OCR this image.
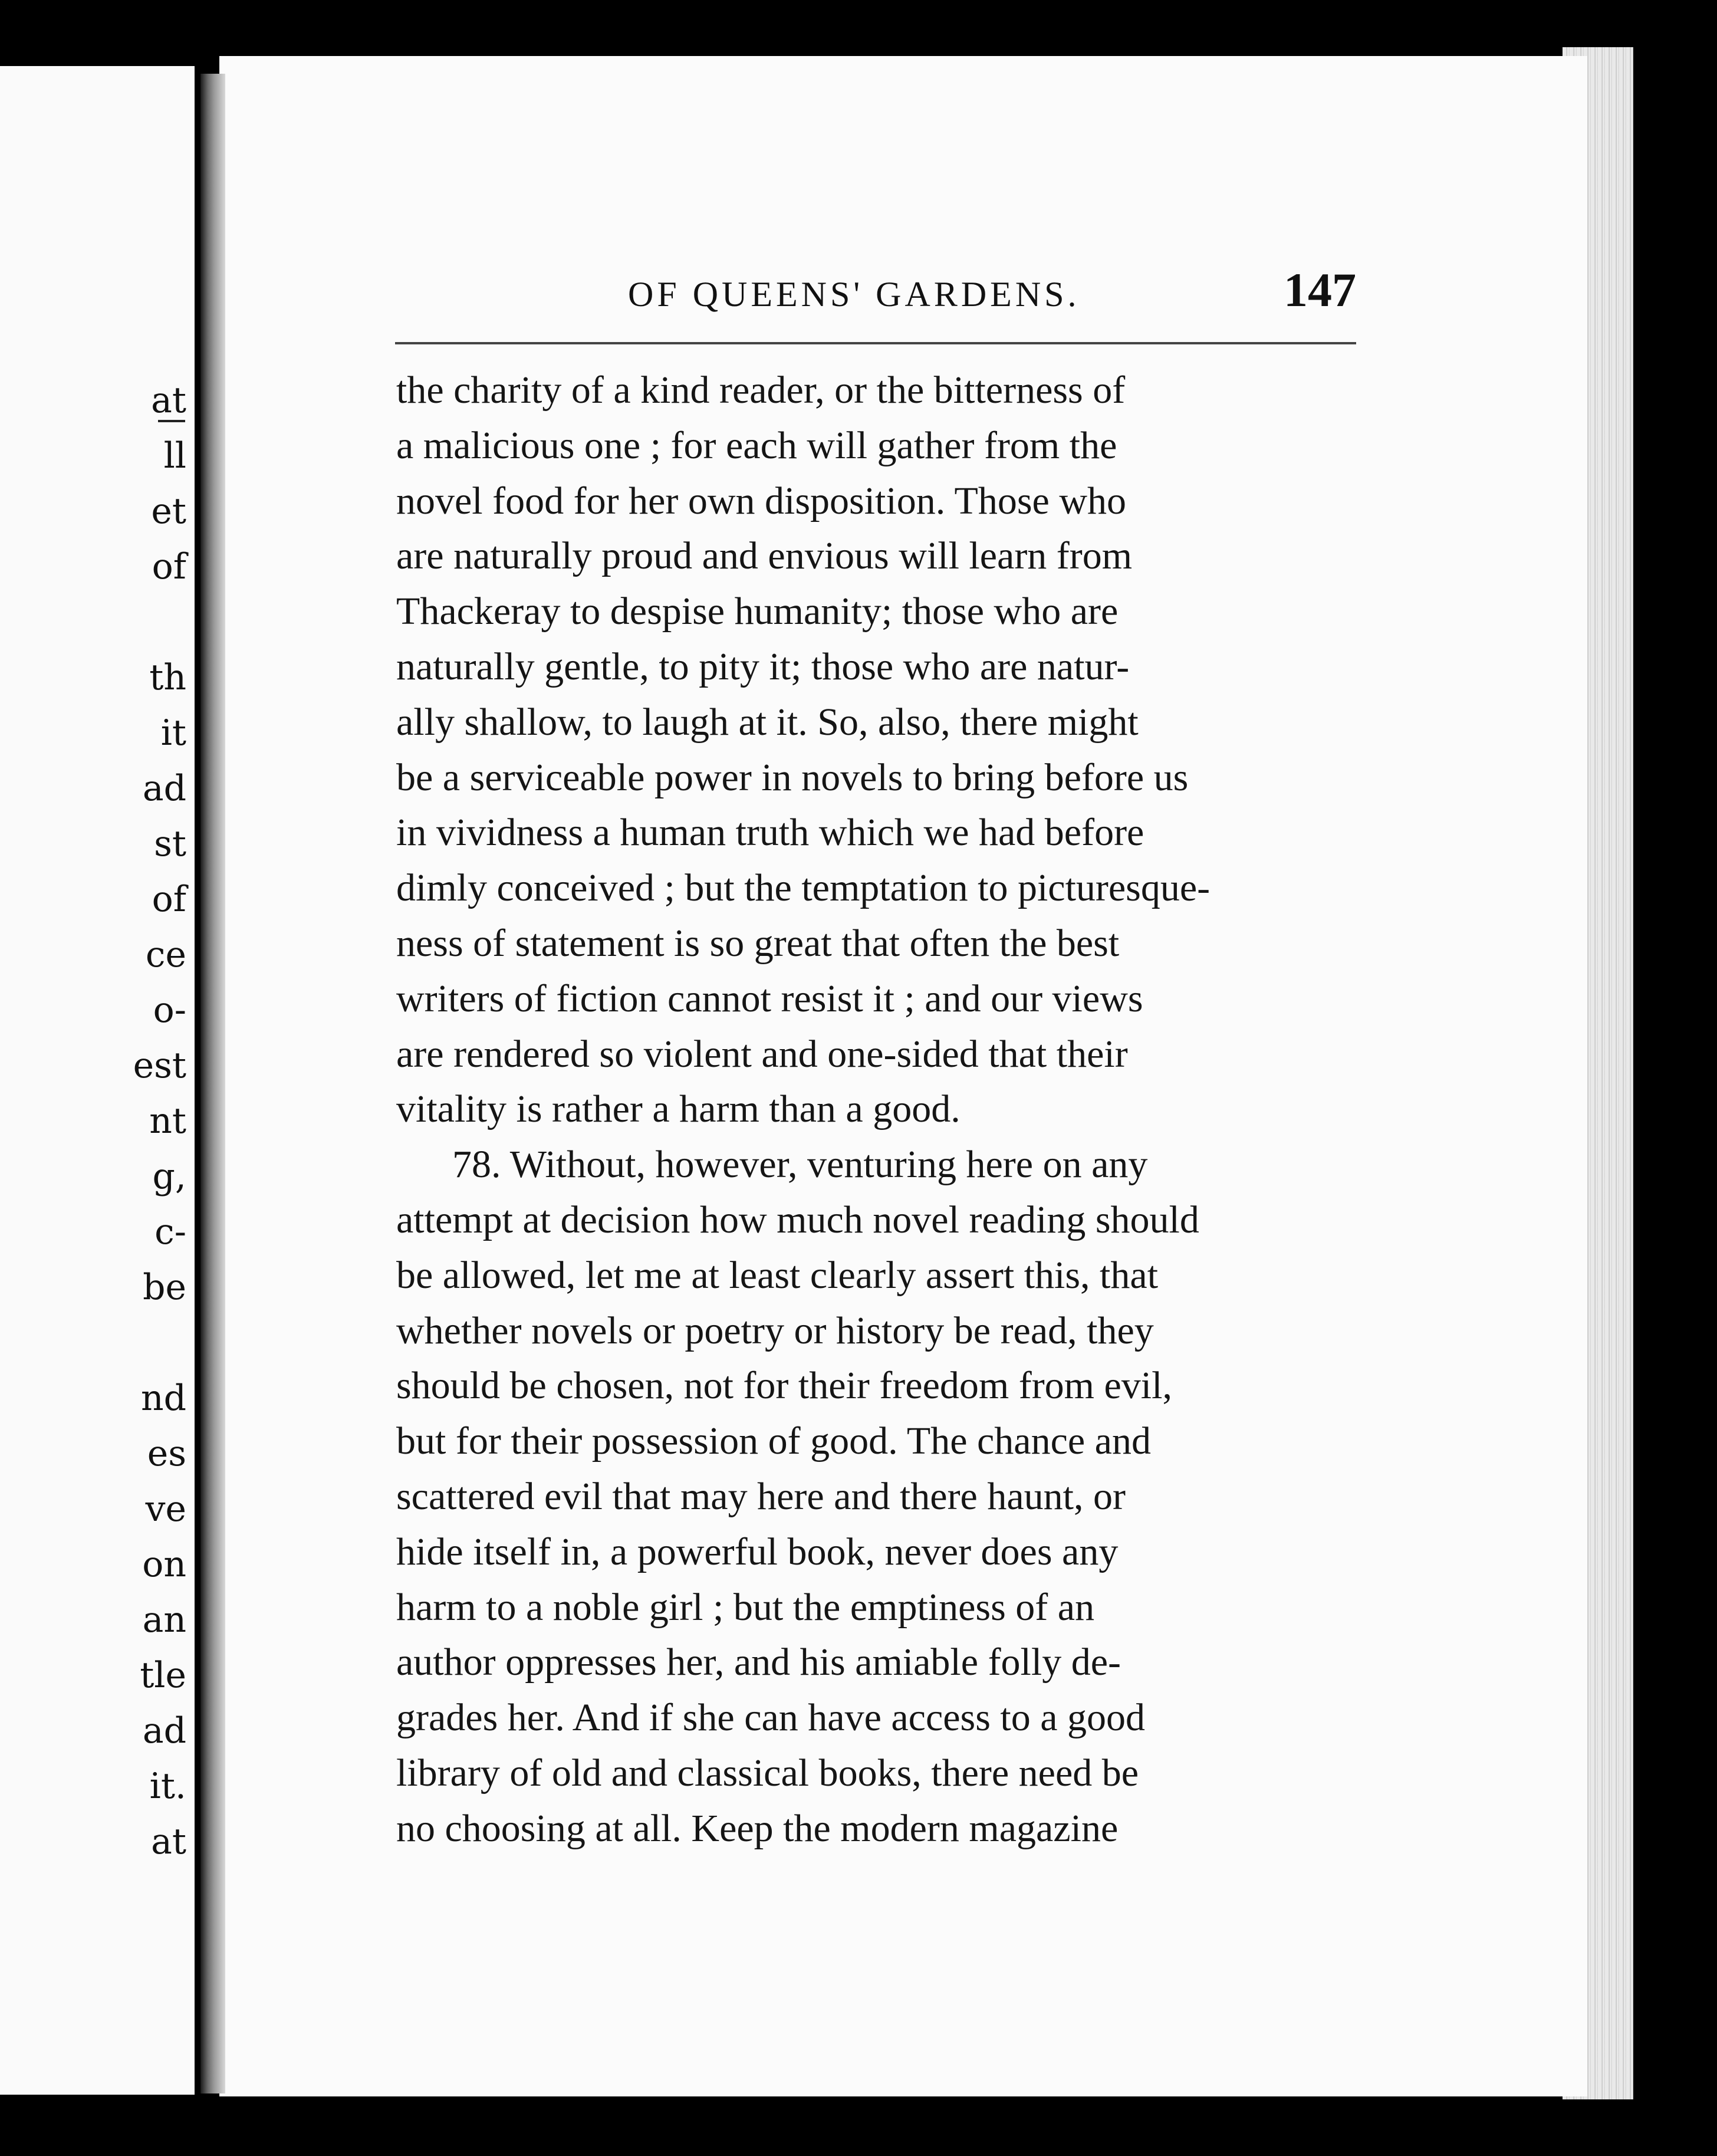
at
ll
et
of
th
it
ad
st
of
ce
o-
est
nt
g,
c-
be
nd
es
ve
on
an
tle
ad
it.
at
OF QUEENS' GARDENS.	147
the charity of a kind reader, or the bitterness of
a malicious one ; for each will gather from the
novel food for her own disposition. Those who
are naturally proud and envious will learn from
Thackeray to despise humanity; those who are
naturally gentle, to pity it; those who are natur-
ally shallow, to laugh at it. So, also, there might
be a serviceable power in novels to bring before us
in vividness a human truth which we had before
dimly conceived ; but the temptation to picturesque-
ness of statement is so great that often the best
writers of fiction cannot resist it ; and our views
are rendered so violent and one-sided that their
vitality is rather a harm than a good.
78. Without, however, venturing here on any
attempt at decision how much novel reading should
be allowed, let me at least clearly assert this, that
whether novels or poetry or history be read, they
should be chosen, not for their freedom from evil,
but for their possession of good. The chance and
scattered evil that may here and there haunt, or
hide itself in, a powerful book, never does any
harm to a noble girl ; but the emptiness of an
author oppresses her, and his amiable folly de-
grades her. And if she can have access to a good
library of old and classical books, there need be
no choosing at all. Keep the modern magazine
